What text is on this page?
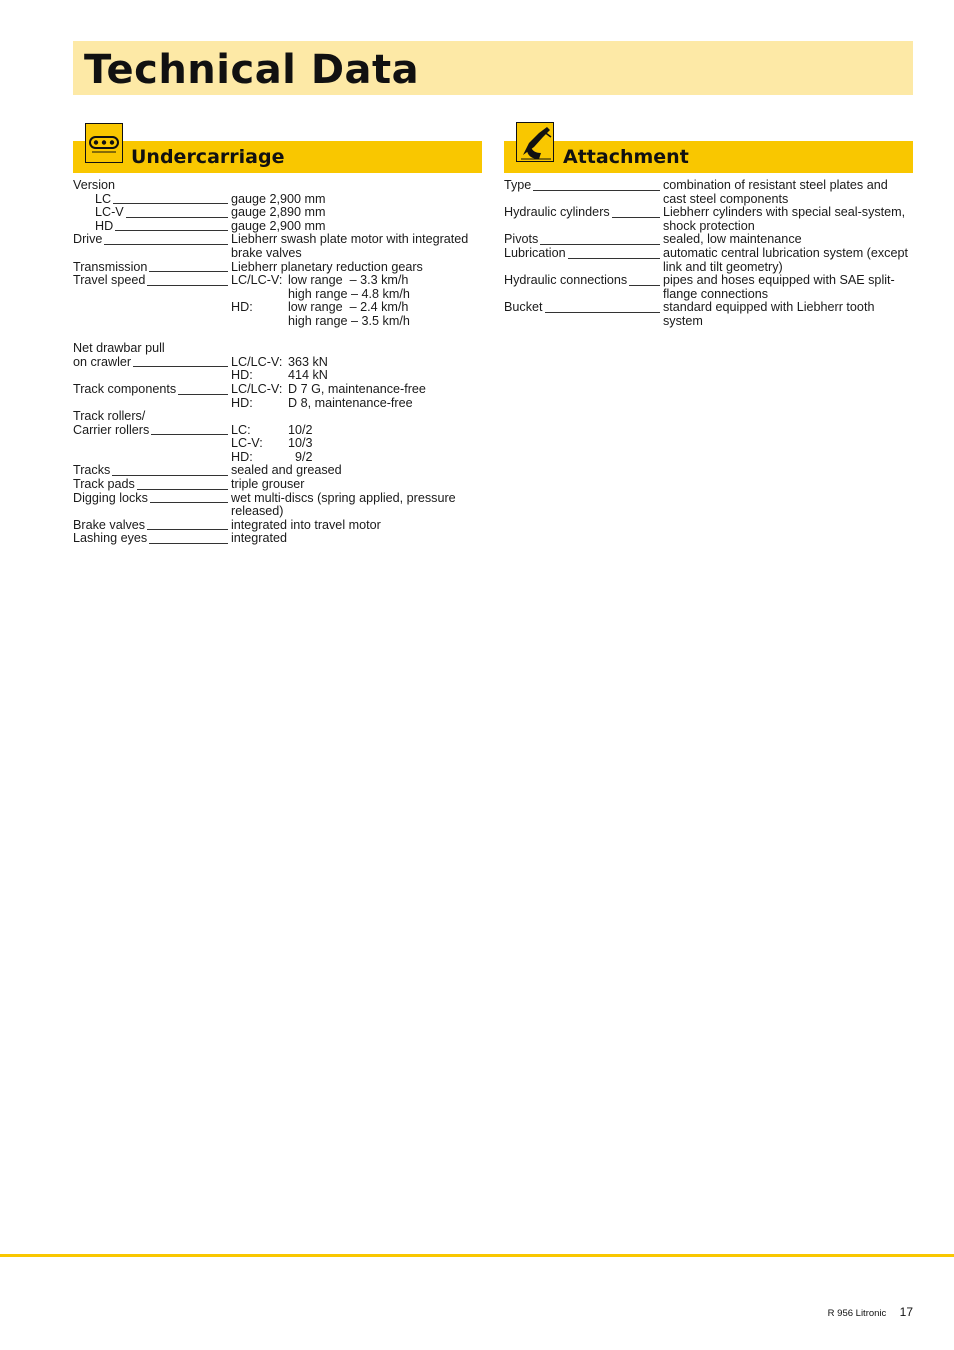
Technical Data
Undercarriage	Attachment
Version
LC	gauge 2,900 mm
LC-V	gauge 2,890 mm
HD	gauge 2,900 mm
Drive	Liebherr swash plate motor with integrated brake valves
Transmission	Liebherr planetary reduction gears
Travel speed	LC/LC-V: low range  – 3.3 km/h
high range – 4.8 km/h
HD:	low range  – 2.4 km/h
high range – 3.5 km/h
Net drawbar pull
on crawler	LC/LC-V: 363 kN
HD:	414 kN
Track components	LC/LC-V: D 7 G, maintenance-free
HD:	D 8, maintenance-free
Track rollers/
Carrier rollers	LC:	10/2
LC-V:	10/3
HD:	9/2
Tracks	sealed and greased
Track pads	triple grouser
Digging locks	wet multi-discs (spring applied, pressure released)
Brake valves	integrated into travel motor
Lashing eyes	integrated
Type	combination of resistant steel plates and cast steel components
Hydraulic cylinders	Liebherr cylinders with special seal-system, shock protection
Pivots	sealed, low maintenance
Lubrication	automatic central lubrication system (except link and tilt geometry)
Hydraulic connections	pipes and hoses equipped with SAE split-flange connections
Bucket	standard equipped with Liebherr tooth system
R 956 Litronic 17
